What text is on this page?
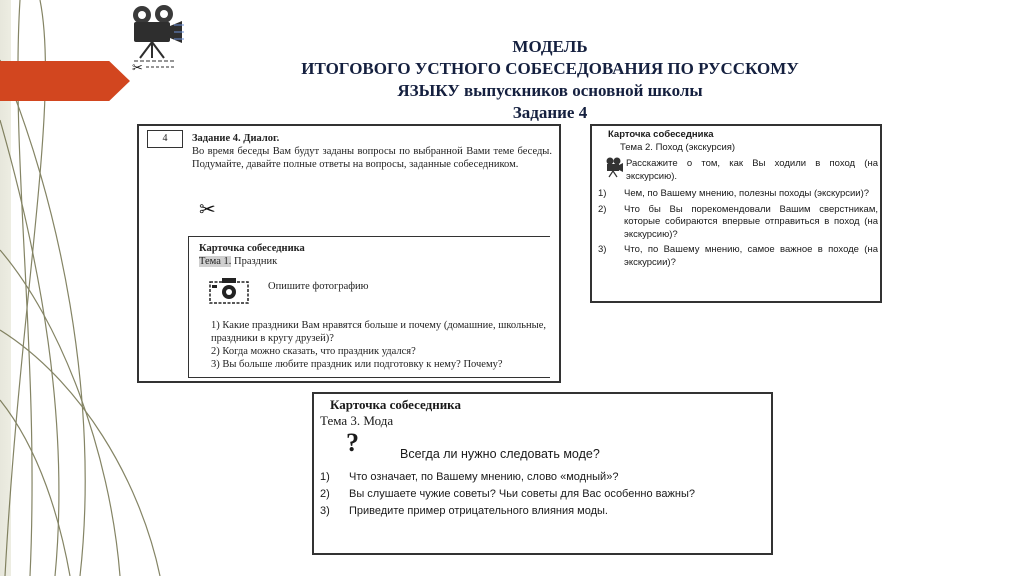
✂
МОДЕЛЬ
ИТОГОВОГО УСТНОГО СОБЕСЕДОВАНИЯ ПО РУССКОМУ
ЯЗЫКУ выпускников основной школы
Задание 4
4	Задание 4. Диалог.
Во время беседы Вам будут заданы вопросы по выбранной Вами теме беседы. Подумайте, давайте полные ответы на вопросы, заданные собеседником.
✂
Карточка собеседника
Тема 1. Праздник
Опишите фотографию
1) Какие праздники Вам нравятся больше и почему (домашние, школьные, праздники в кругу друзей)?
2) Когда можно сказать, что праздник удался?
3) Вы больше любите праздник или подготовку к нему? Почему?
Карточка собеседника
Тема 2. Поход (экскурсия)
Расскажите о том, как Вы ходили в поход (на экскурсию).
1)	Чем, по Вашему мнению, полезны походы (экскурсии)?
2)	Что бы Вы порекомендовали Вашим сверстникам, которые собираются впервые отправиться в поход (на экскурсию)?
3)	Что, по Вашему мнению, самое важное в походе (на экскурсии)?
Карточка собеседника
Тема 3. Мода
?	Всегда ли нужно следовать моде?
1)	Что означает, по Вашему мнению, слово «модный»?
2)	Вы слушаете чужие советы? Чьи советы для Вас особенно важны?
3)	Приведите пример отрицательного влияния моды.
